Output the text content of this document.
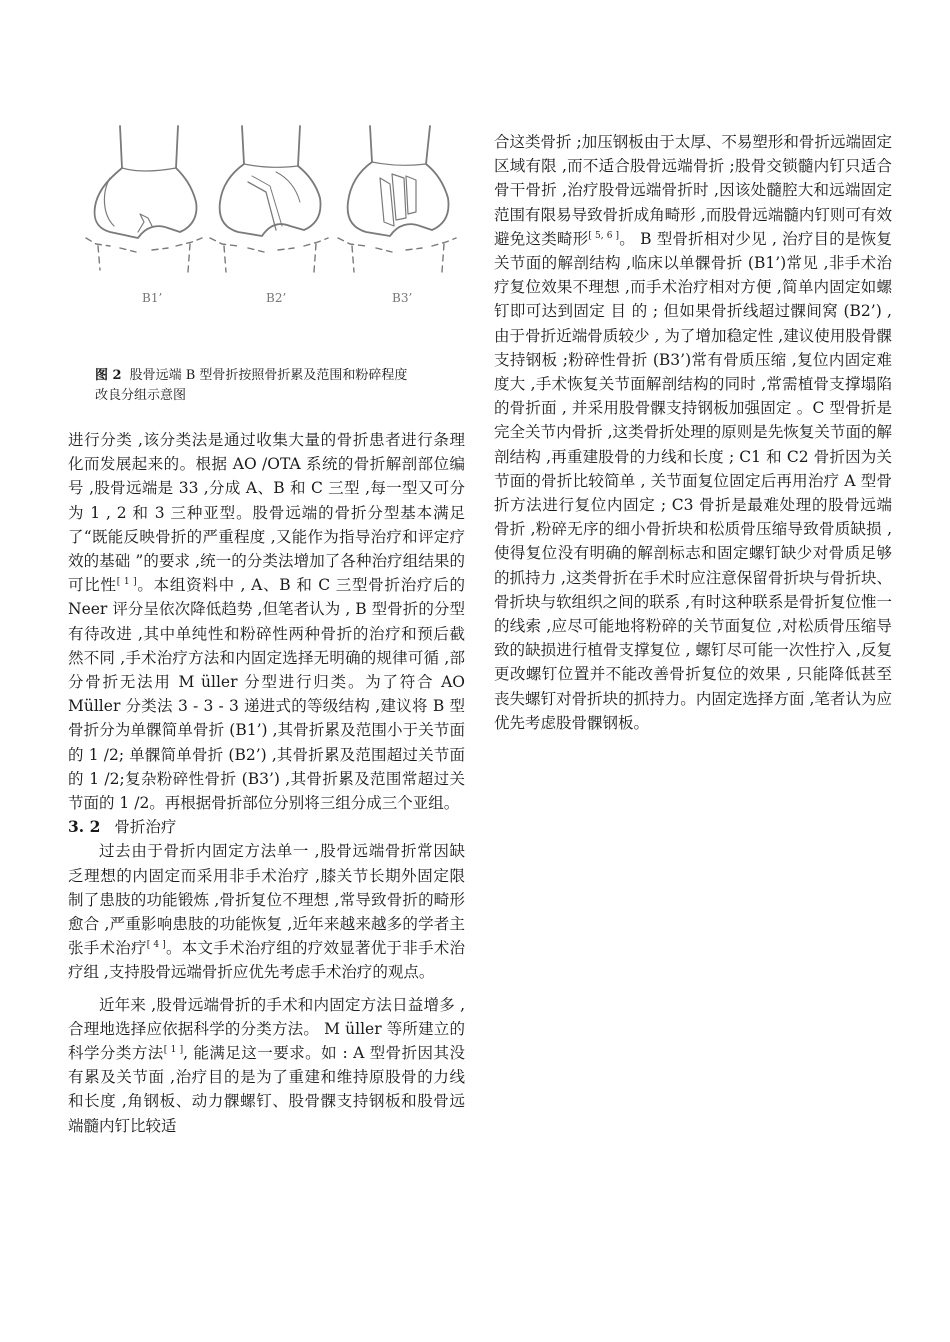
B1’	B2’	B3’
图 2 股骨远端 B 型骨折按照骨折累及范围和粉碎程度
改良分组示意图

进行分类 ,该分类法是通过收集大量的骨折患者进行条理化而发展起来的。根据 AO /OTA 系统的骨折解剖部位编号 ,股骨远端是 33 ,分成 A、B 和 C 三型 ,每一型又可分为 1 , 2 和 3 三种亚型。股骨远端的骨折分型基本满足了“既能反映骨折的严重程度 ,又能作为指导治疗和评定疗效的基础 ”的要求 ,统一的分类法增加了各种治疗组结果的可比性[ 1 ]。本组资料中 , A、B 和 C 三型骨折治疗后的 Neer 评分呈依次降低趋势 ,但笔者认为 , B 型骨折的分型有待改进 ,其中单纯性和粉碎性两种骨折的治疗和预后截然不同 ,手术治疗方法和内固定选择无明确的规律可循 ,部分骨折无法用 M üller 分型进行归类。为了符合 AO Müller 分类法 3 - 3 - 3 递进式的等级结构 ,建议将 B 型骨折分为单髁简单骨折 (B1’) ,其骨折累及范围小于关节面的 1 /2; 单髁简单骨折 (B2’) ,其骨折累及范围超过关节面的 1 /2;复杂粉碎性骨折 (B3’) ,其骨折累及范围常超过关节面的 1 /2。再根据骨折部位分别将三组分成三个亚组。

3. 2 骨折治疗

过去由于骨折内固定方法单一 ,股骨远端骨折常因缺乏理想的内固定而采用非手术治疗 ,膝关节长期外固定限制了患肢的功能锻炼 ,骨折复位不理想 ,常导致骨折的畸形愈合 ,严重影响患肢的功能恢复 ,近年来越来越多的学者主张手术治疗[ 4 ]。本文手术治疗组的疗效显著优于非手术治疗组 ,支持股骨远端骨折应优先考虑手术治疗的观点。

近年来 ,股骨远端骨折的手术和内固定方法日益增多 , 合理地选择应依据科学的分类方法。 M üller 等所建立的科学分类方法[ 1 ], 能满足这一要求。如 : A 型骨折因其没有累及关节面 ,治疗目的是为了重建和维持原股骨的力线和长度 ,角钢板、动力髁螺钉、股骨髁支持钢板和股骨远端髓内钉比较适

合这类骨折 ;加压钢板由于太厚、不易塑形和骨折远端固定区域有限 ,而不适合股骨远端骨折 ;股骨交锁髓内钉只适合骨干骨折 ,治疗股骨远端骨折时 ,因该处髓腔大和远端固定范围有限易导致骨折成角畸形 ,而股骨远端髓内钉则可有效避免这类畸形[ 5, 6 ]。 B 型骨折相对少见 , 治疗目的是恢复关节面的解剖结构 ,临床以单髁骨折 (B1’)常见 ,非手术治疗复位效果不理想 ,而手术治疗相对方便 ,简单内固定如螺钉即可达到固定 目 的 ; 但如果骨折线超过髁间窝 (B2’) , 由于骨折近端骨质较少 , 为了增加稳定性 ,建议使用股骨髁支持钢板 ;粉碎性骨折 (B3’)常有骨质压缩 ,复位内固定难度大 ,手术恢复关节面解剖结构的同时 ,常需植骨支撑塌陷的骨折面 , 并采用股骨髁支持钢板加强固定 。C 型骨折是完全关节内骨折 ,这类骨折处理的原则是先恢复关节面的解剖结构 ,再重建股骨的力线和长度 ; C1 和 C2 骨折因为关节面的骨折比较简单 , 关节面复位固定后再用治疗 A 型骨折方法进行复位内固定 ; C3 骨折是最难处理的股骨远端骨折 ,粉碎无序的细小骨折块和松质骨压缩导致骨质缺损 ,使得复位没有明确的解剖标志和固定螺钉缺少对骨质足够的抓持力 ,这类骨折在手术时应注意保留骨折块与骨折块、骨折块与软组织之间的联系 ,有时这种联系是骨折复位惟一的线索 ,应尽可能地将粉碎的关节面复位 ,对松质骨压缩导致的缺损进行植骨支撑复位 , 螺钉尽可能一次性拧入 ,反复更改螺钉位置并不能改善骨折复位的效果 , 只能降低甚至丧失螺钉对骨折块的抓持力。内固定选择方面 ,笔者认为应优先考虑股骨髁钢板。
